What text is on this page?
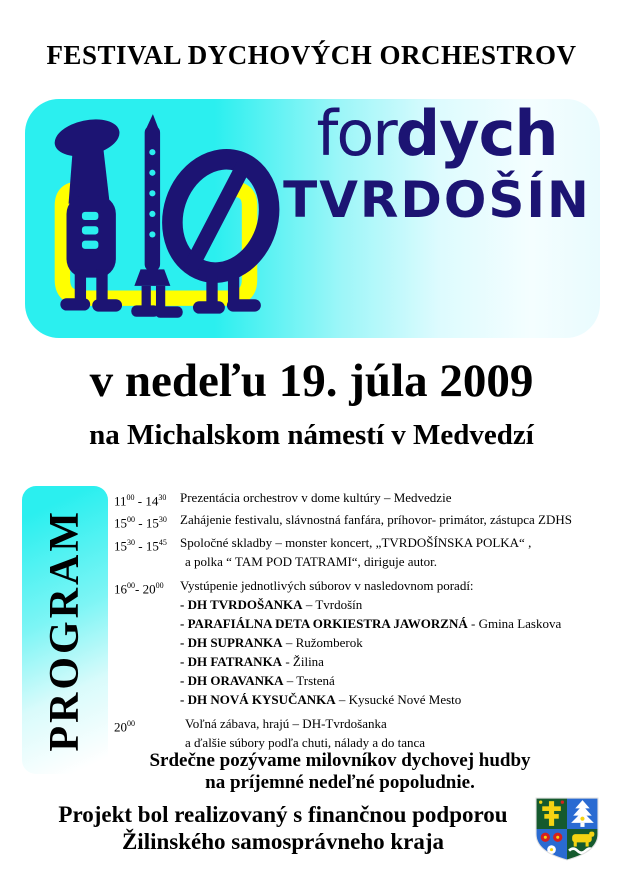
FESTIVAL DYCHOVÝCH ORCHESTROV
fordych
TVRDOŠÍN
v nedeľu 19. júla 2009
na Michalskom námestí v Medvedzí
PROGRAM
$11^{00} - 14^{30}$	Prezentácia orchestrov v dome kultúry – Medvedzie
$15^{00} - 15^{30}$	Zahájenie festivalu, slávnostná fanfára, príhovor- primátor, zástupca ZDHS
$15^{30} - 15^{45}$	Spoločné skladby – monster koncert, „TVRDOŠÍNSKA POLKA“ ,
a polka “ TAM POD TATRAMI“, diriguje autor.
$16^{00}-$ $20^{00}$	Vystúpenie jednotlivých súborov v nasledovnom poradí:
- DH TVRDOŠANKA – Tvrdošín
- PARAFIÁLNA DETA ORKIESTRA JAWORZNÁ - Gmina Laskova
- DH SUPRANKA – Ružomberok
- DH FATRANKA - Žilina
- DH ORAVANKA – Trstená
- DH NOVÁ KYSUČANKA – Kysucké Nové Mesto
$20^{00}$	Voľná zábava, hrajú – DH-Tvrdošanka
a ďalšie súbory podľa chuti, nálady a do tanca
Srdečne pozývame milovníkov dychovej hudby
na príjemné nedeľné popoludnie.
Projekt bol realizovaný s finančnou podporou
Žilinského samosprávneho kraja
